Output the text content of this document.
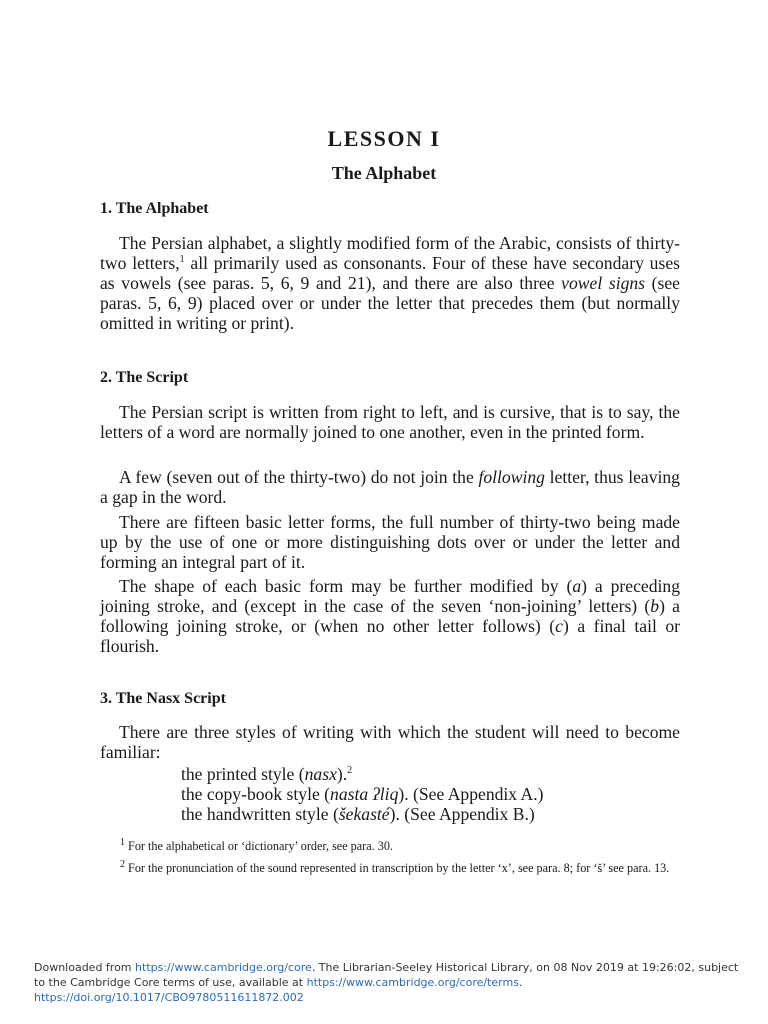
LESSON I
The Alphabet
1. The Alphabet
The Persian alphabet, a slightly modified form of the Arabic, consists of thirty-two letters,$^1$ all primarily used as consonants. Four of these have secondary uses as vowels (see paras. 5, 6, 9 and 21), and there are also three vowel signs (see paras. 5, 6, 9) placed over or under the letter that precedes them (but normally omitted in writing or print).
2. The Script
The Persian script is written from right to left, and is cursive, that is to say, the letters of a word are normally joined to one another, even in the printed form.
A few (seven out of the thirty-two) do not join the following letter, thus leaving a gap in the word.
There are fifteen basic letter forms, the full number of thirty-two being made up by the use of one or more distinguishing dots over or under the letter and forming an integral part of it.
The shape of each basic form may be further modified by (a) a preceding joining stroke, and (except in the case of the seven ‘non-joining’ letters) (b) a following joining stroke, or (when no other letter follows) (c) a final tail or flourish.
3. The Nasx Script
There are three styles of writing with which the student will need to become familiar:
the printed style (nasx).$^2$
the copy-book style (nasta ʔliq). (See Appendix A.)
the handwritten style (šekasté). (See Appendix B.)
$^1$ For the alphabetical or ‘dictionary’ order, see para. 30.
$^2$ For the pronunciation of the sound represented in transcription by the letter ‘x’, see para. 8; for ‘š’ see para. 13.
Downloaded from https://www.cambridge.org/core. The Librarian-Seeley Historical Library, on 08 Nov 2019 at 19:26:02, subject to the Cambridge Core terms of use, available at https://www.cambridge.org/core/terms. https://doi.org/10.1017/CBO9780511611872.002
